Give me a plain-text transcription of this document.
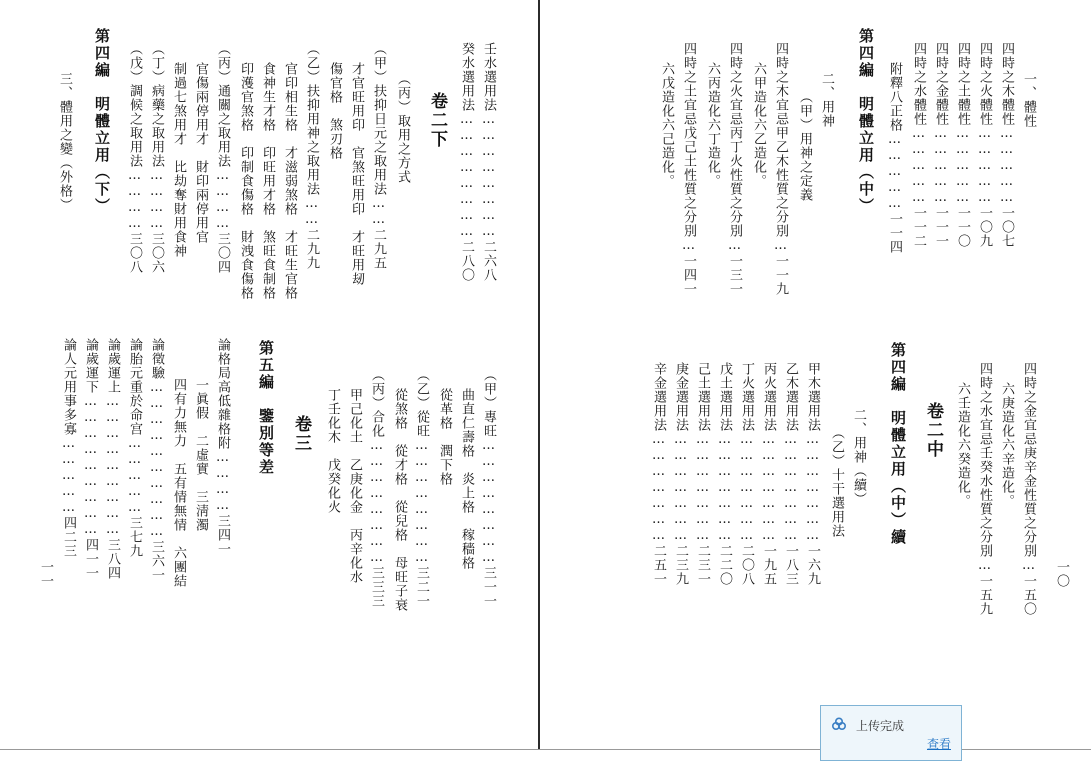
壬水選用法……………………二六八
癸水選用法……………………二八〇
卷二下
（丙）取用之方式
（甲）扶抑日元之取用法……二九五
才官旺用印　官煞旺用印　才旺用刼
傷官格　煞刃格
（乙）扶抑用神之取用法……二九九
官印相生格　才滋弱煞格　才旺生官格
食神生才格　印旺用才格　煞旺食制格
印濩官煞格　印制食傷格　財洩食傷格
（丙）通關之取用法…………三〇四
官傷兩停用才　財印兩停用官
制過七煞用才　比劫奪財用食神
（丁）病藥之取用法…………三〇六
（戊）調候之取用法…………三〇八
第四編　明體立用（下）
三、體用之變（外格）
（甲）專旺……………………三一一
曲直仁壽格　炎上格　稼穡格
從革格　潤下格
（乙）從旺……………………三二一
從煞格　從才格　從兒格　母旺子衰
（丙）合化……………………三三三
甲己化土　乙庚化金　丙辛化水
丁壬化木　戊癸化火
卷三
第五編　鑒別等差
論格局高低雜格附…………三四一
一眞假　二虛實　三淸濁
四有力無力　五有情無情　六團結
論徵驗…………………………三六一
論胎元重於命宫……………三七九
論歲運上………………………三八四
論歲運下………………………四一一
論人元用事多寡……………四二三
一、體性
四時之木體性……………一〇七
四時之火體性……………一〇九
四時之土體性……………一一〇
四時之金體性……………一一一
四時之水體性……………一一二
附釋八正格……………一一四
第四編　明體立用（中）
二、用神
（甲）用神之定義
四時之木宜忌甲乙木性質之分別…一一九
六甲造化六乙造化。
四時之火宜忌丙丁火性質之分別…一三一
六丙造化六丁造化。
四時之土宜忌戊己土性質之分別…一四一
六戊造化六己造化。
四時之金宜忌庚辛金性質之分別…一五〇
六庚造化六辛造化。
四時之水宜忌壬癸水性質之分別…一五九
六壬造化六癸造化。
卷二中
第四編　明體立用（中）續
二、用神（續）
（乙）十干選用法
甲木選用法…………………一六九
乙木選用法…………………一八三
丙火選用法…………………一九五
丁火選用法…………………二〇八
戊土選用法…………………二二〇
己土選用法…………………二三一
庚金選用法…………………二三九
辛金選用法…………………二五一
一一	一〇
上传完成
查看
